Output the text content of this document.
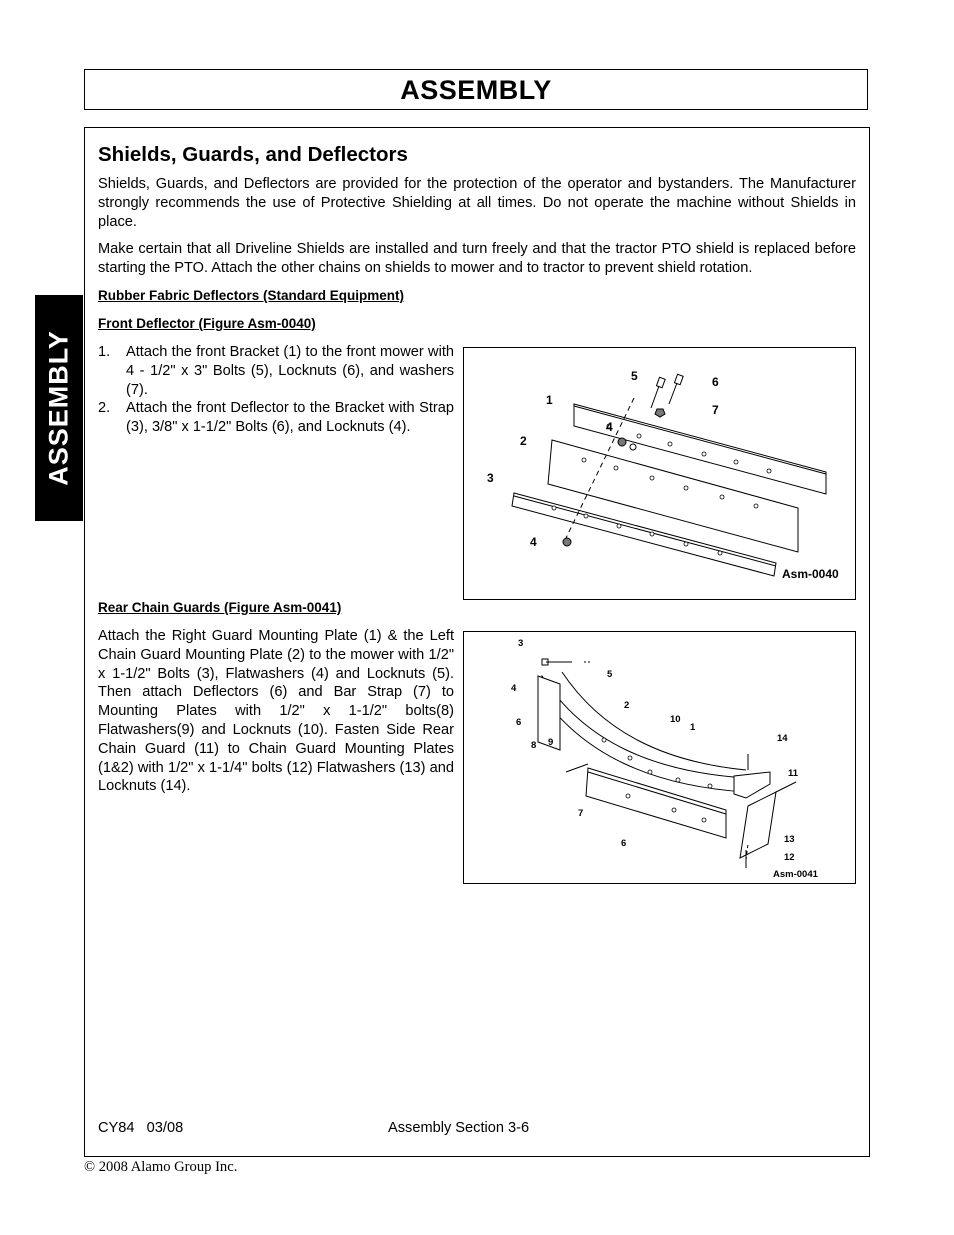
ASSEMBLY
ASSEMBLY
Shields, Guards, and Deflectors

Shields, Guards, and Deflectors are provided for the protection of the operator and bystanders. The Manufacturer strongly recommends the use of Protective Shielding at all times. Do not operate the machine without Shields in place.

Make certain that all Driveline Shields are installed and turn freely and that the tractor PTO shield is replaced before starting the PTO. Attach the other chains on shields to mower and to tractor to prevent shield rotation.

Rubber Fabric Deflectors (Standard Equipment)

Front Deflector (Figure Asm-0040)

1. Attach the front Bracket (1) to the front mower with 4 - 1/2" x 3" Bolts (5), Locknuts (6), and washers (7).
2. Attach the front Deflector to the Bracket with Strap (3), 3/8" x 1-1/2" Bolts (6), and Locknuts (4).
1
2
3
4
4
5	6
7
Asm-0040

Rear Chain Guards (Figure Asm-0041)

Attach the Right Guard Mounting Plate (1) & the Left Chain Guard Mounting Plate (2) to the mower with 1/2" x 1-1/2" Bolts (3), Flatwashers (4) and Locknuts (5). Then attach Deflectors (6) and Bar Strap (7) to Mounting Plates with 1/2" x 1-1/2" bolts(8) Flatwashers(9) and Locknuts (10). Fasten Side Rear Chain Guard (11) to Chain Guard Mounting Plates (1&2) with 1/2" x 1-1/4" bolts (12) Flatwashers (13) and Locknuts (14).

3
5
4
2
6	10
1
8 9	14
11
7
6	13
12
Asm-0041
CY84   03/08	Assembly Section 3-6
© 2008 Alamo Group Inc.
